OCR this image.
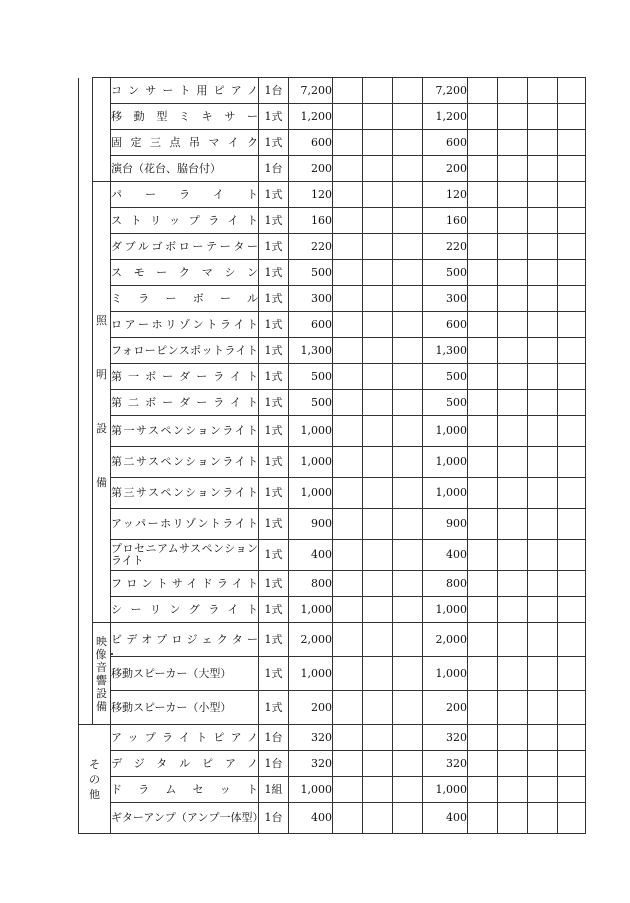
		コンサート用ピアノ	1台	7,200				7,200				
		移動型ミキサー	1式	1,200				1,200				
		固定三点吊マイク	1式	600				600				
		演台（花台、脇台付）	1台	200				200				
	照明設備	パーライト	1式	120				120				
		ストリップライト	1式	160				160				
		ダブルゴボローテーター	1式	220				220				
		スモークマシン	1式	500				500				
		ミラーボール	1式	300				300				
		ロアーホリゾントライト	1式	600				600				
		フォローピンスポットライト	1式	1,300				1,300				
		第一ボーダーライト	1式	500				500				
		第二ボーダーライト	1式	500				500				
		第一サスペンションライト	1式	1,000				1,000				
		第二サスペンションライト	1式	1,000				1,000				
		第三サスペンションライト	1式	1,000				1,000				
		アッパーホリゾントライト	1式	900				900				
		プロセニアムサスペンションライト	1式	400				400				
		フロントサイドライト	1式	800				800				
		シーリングライト	1式	1,000				1,000				
	映像・音響設備	ビデオプロジェクター	1式	2,000				2,000				
		移動スピーカー（大型）	1式	1,000				1,000				
		移動スピーカー（小型）	1式	200				200				
その他		アップライトピアノ	1台	320				320				
		デジタルピアノ	1台	320				320				
		ドラムセット	1組	1,000				1,000				
		ギターアンプ（アンプ一体型）	1台	400				400				
